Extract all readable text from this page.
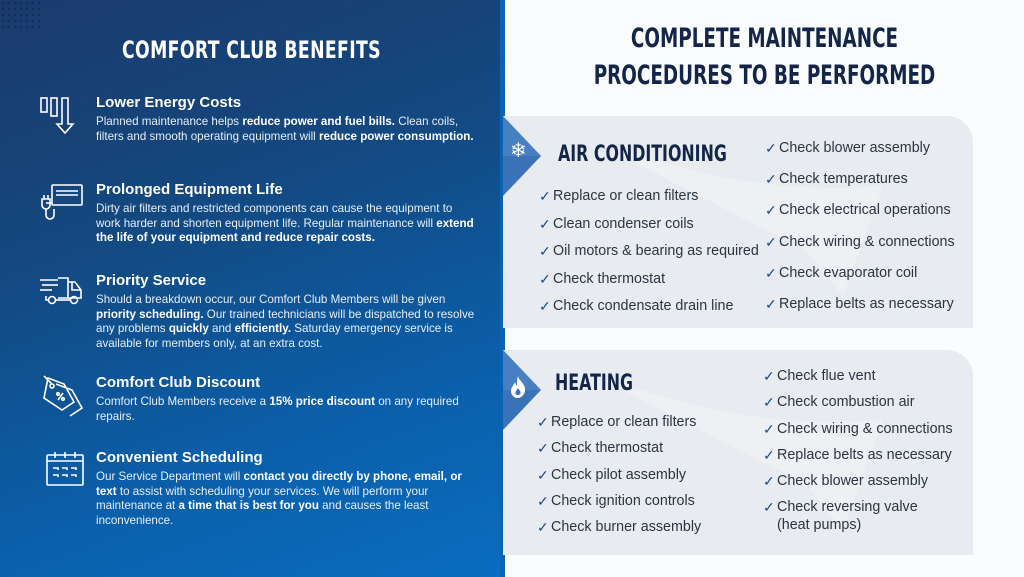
COMFORT CLUB BENEFITS
Lower Energy Costs

Planned maintenance helps reduce power and fuel bills. Clean coils, filters and smooth operating equipment will reduce power consumption.

Prolonged Equipment Life

Dirty air filters and restricted components can cause the equipment to work harder and shorten equipment life. Regular maintenance will extend the life of your equipment and reduce repair costs.

Priority Service

Should a breakdown occur, our Comfort Club Members will be given priority scheduling. Our trained technicians will be dispatched to resolve any problems quickly and efficiently. Saturday emergency service is available for members only, at an extra cost.

Comfort Club Discount

Comfort Club Members receive a 15% price discount on any required repairs.

Convenient Scheduling

Our Service Department will contact you directly by phone, email, or text to assist with scheduling your services. We will perform your maintenance at a time that is best for you and causes the least inconvenience.

COMPLETE MAINTENANCE
PROCEDURES TO BE PERFORMED
❄ AIR CONDITIONING
✓ Replace or clean filters
✓ Clean condenser coils
✓ Oil motors & bearing as required
✓ Check thermostat
✓ Check condensate drain line
✓ Check blower assembly
✓ Check temperatures
✓ Check electrical operations
✓ Check wiring & connections
✓ Check evaporator coil
✓ Replace belts as necessary
HEATING
✓ Replace or clean filters
✓ Check thermostat
✓ Check pilot assembly
✓ Check ignition controls
✓ Check burner assembly
✓ Check flue vent
✓ Check combustion air
✓ Check wiring & connections
✓ Replace belts as necessary
✓ Check blower assembly
✓ Check reversing valve
(heat pumps)
